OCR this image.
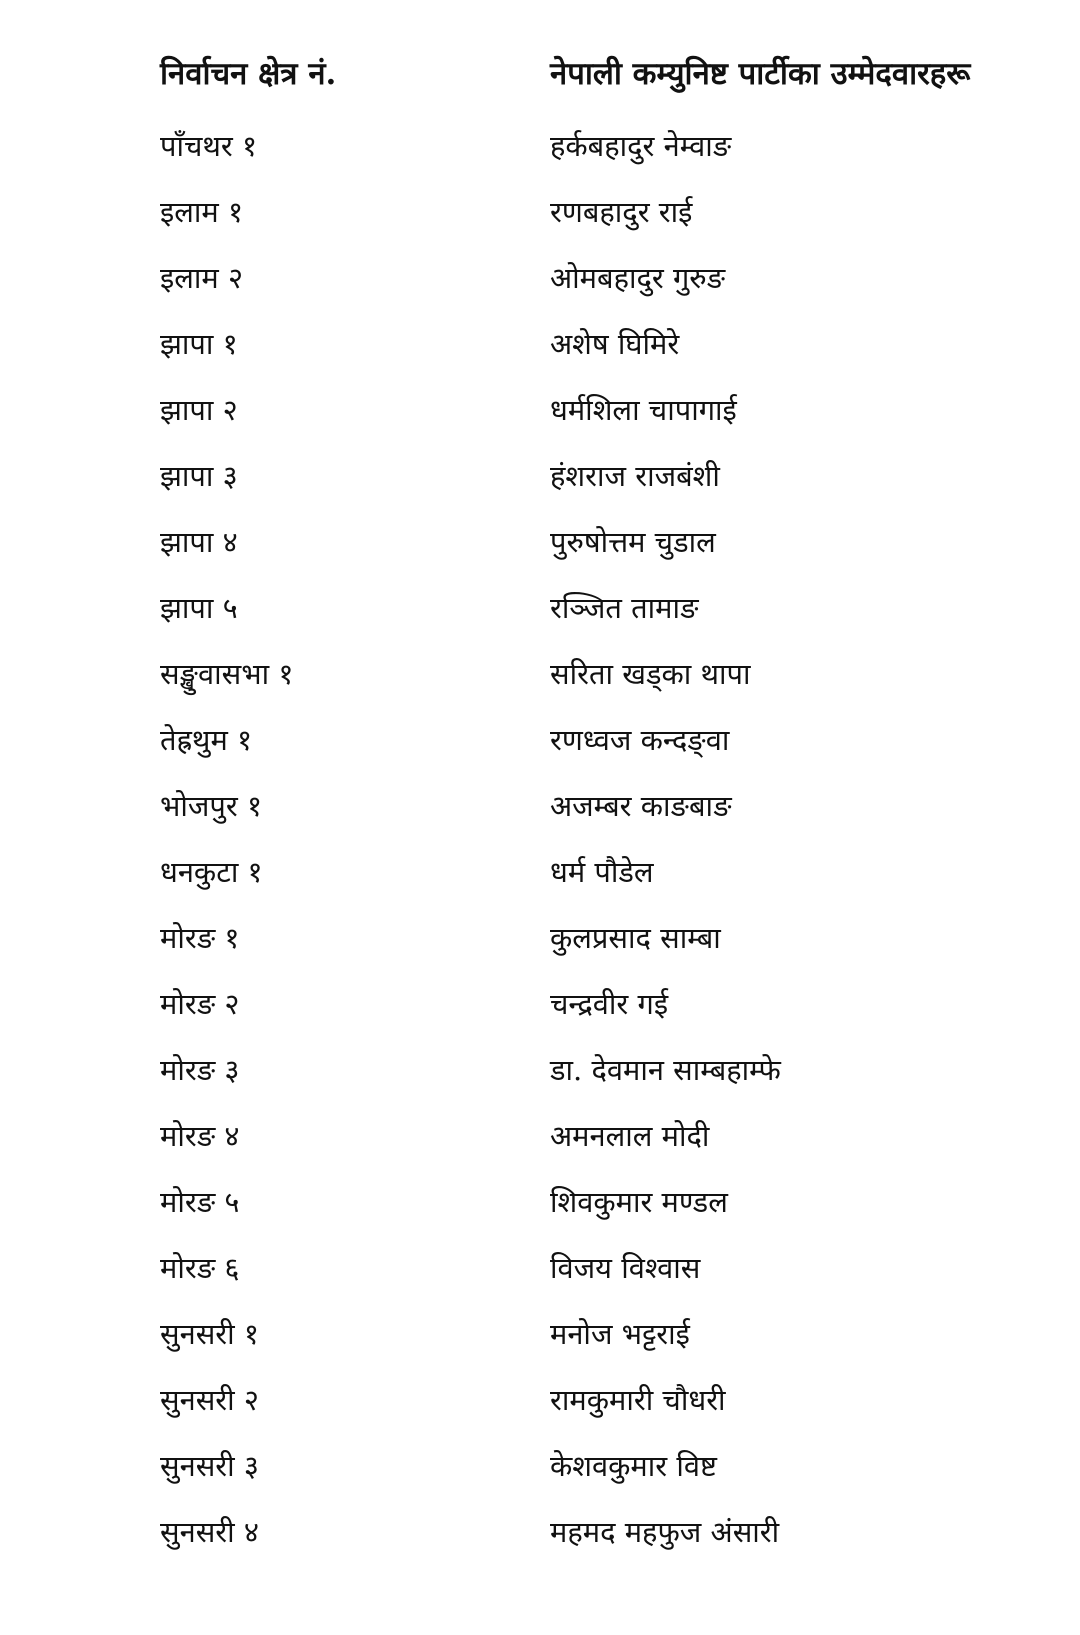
निर्वाचन क्षेत्र नं.	नेपाली कम्युनिष्ट पार्टीका उम्मेदवारहरू
पाँचथर १	हर्कबहादुर नेम्वाङ
इलाम १	रणबहादुर राई
इलाम २	ओमबहादुर गुरुङ
झापा १	अशेष घिमिरे
झापा २	धर्मशिला चापागाई
झापा ३	हंशराज राजबंशी
झापा ४	पुरुषोत्तम चुडाल
झापा ५	रञ्जित तामाङ
सङ्खुवासभा १	सरिता खड्का थापा
तेह्रथुम १	रणध्वज कन्दङ्वा
भोजपुर १	अजम्बर काङबाङ
धनकुटा १	धर्म पौडेल
मोरङ १	कुलप्रसाद साम्बा
मोरङ २	चन्द्रवीर गई
मोरङ ३	डा. देवमान साम्बहाम्फे
मोरङ ४	अमनलाल मोदी
मोरङ ५	शिवकुमार मण्डल
मोरङ ६	विजय विश्वास
सुनसरी १	मनोज भट्टराई
सुनसरी २	रामकुमारी चौधरी
सुनसरी ३	केशवकुमार विष्ट
सुनसरी ४	महमद महफुज अंसारी
